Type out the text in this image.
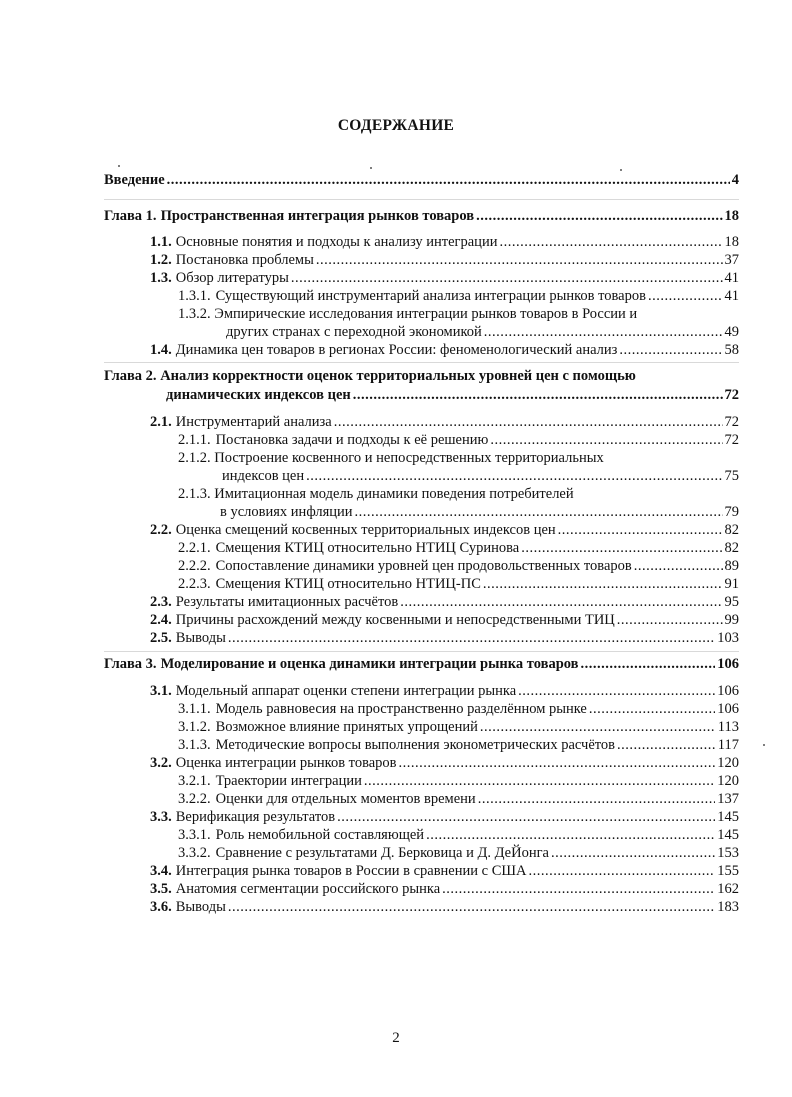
СОДЕРЖАНИЕ
Введение .....	4
Глава 1. Пространственная интеграция рынков товаров .....	18
1.1. Основные понятия и подходы к анализу интеграции .....	18
1.2. Постановка проблемы .....	37
1.3. Обзор литературы .....	41
1.3.1. Существующий инструментарий анализа интеграции рынков товаров .....	41
1.3.2. Эмпирические исследования интеграции рынков товаров в России и
других странах с переходной экономикой .....	49
1.4. Динамика цен товаров в регионах России: феноменологический анализ .....	58
Глава 2. Анализ корректности оценок территориальных уровней цен с помощью
динамических индексов цен .....	72
2.1. Инструментарий анализа .....	72
2.1.1. Постановка задачи и подходы к её решению .....	72
2.1.2. Построение косвенного и непосредственных территориальных
индексов цен .....	75
2.1.3. Имитационная модель динамики поведения потребителей
в условиях инфляции .....	79
2.2. Оценка смещений косвенных территориальных индексов цен .....	82
2.2.1. Смещения КТИЦ относительно НТИЦ Суринова .....	82
2.2.2. Сопоставление динамики уровней цен продовольственных товаров .....	89
2.2.3. Смещения КТИЦ относительно НТИЦ-ПС .....	91
2.3. Результаты имитационных расчётов .....	95
2.4. Причины расхождений между косвенными и непосредственными ТИЦ .....	99
2.5. Выводы .....	103
Глава 3. Моделирование и оценка динамики интеграции рынка товаров .....	106
3.1. Модельный аппарат оценки степени интеграции рынка .....	106
3.1.1. Модель равновесия на пространственно разделённом рынке .....	106
3.1.2. Возможное влияние принятых упрощений .....	113
3.1.3. Методические вопросы выполнения эконометрических расчётов .....	117
3.2. Оценка интеграции рынков товаров .....	120
3.2.1. Траектории интеграции .....	120
3.2.2. Оценки для отдельных моментов времени .....	137
3.3. Верификация результатов .....	145
3.3.1. Роль немобильной составляющей .....	145
3.3.2. Сравнение с результатами Д. Берковица и Д. ДеЙонга .....	153
3.4. Интеграция рынка товаров в России в сравнении с США .....	155
3.5. Анатомия сегментации российского рынка .....	162
3.6. Выводы .....	183
2
